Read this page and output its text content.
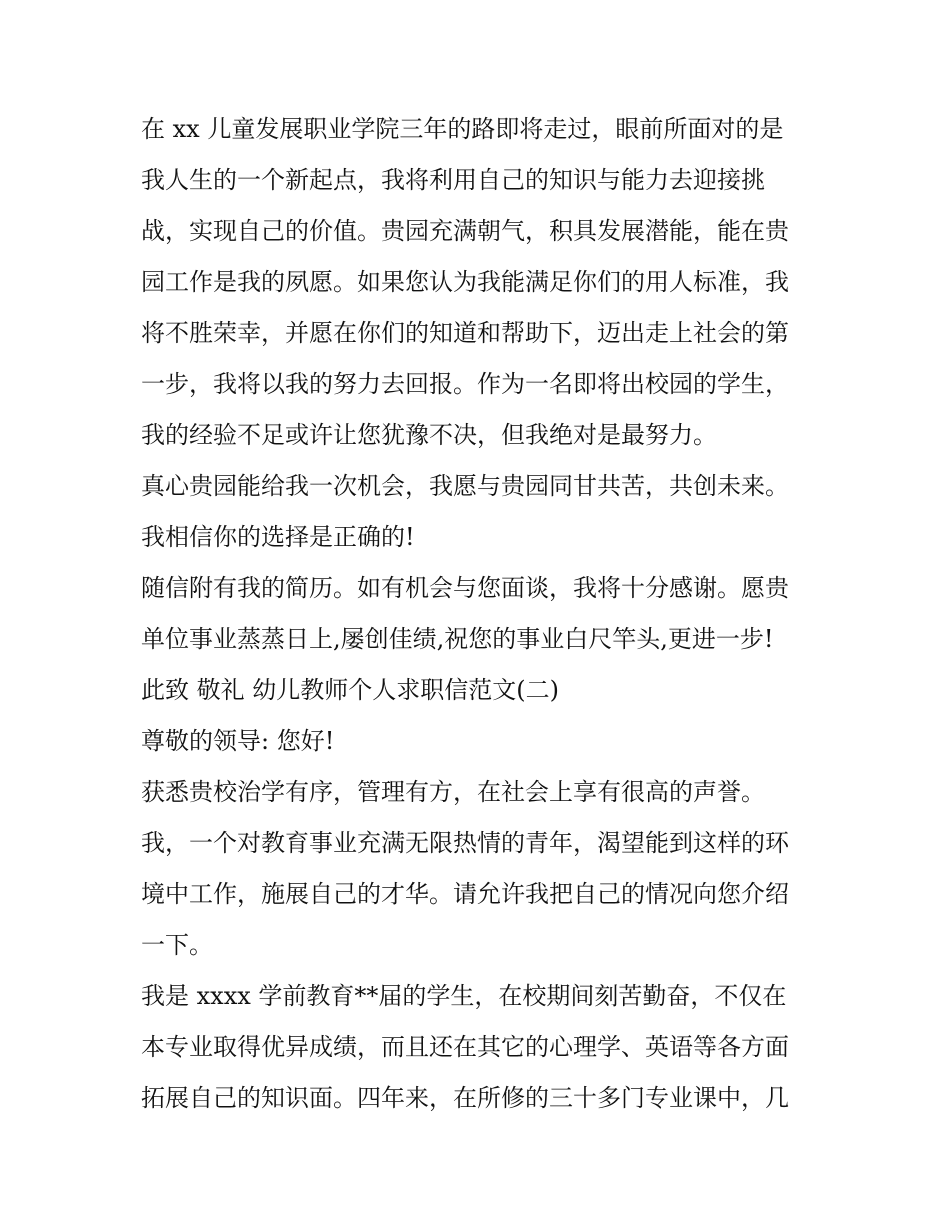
在 xx 儿童发展职业学院三年的路即将走过，眼前所面对的是
我人生的一个新起点，我将利用自己的知识与能力去迎接挑
战，实现自己的价值。贵园充满朝气，积具发展潜能，能在贵
园工作是我的夙愿。如果您认为我能满足你们的用人标准，我
将不胜荣幸，并愿在你们的知道和帮助下，迈出走上社会的第
一步，我将以我的努力去回报。作为一名即将出校园的学生，
我的经验不足或许让您犹豫不决，但我绝对是最努力。
真心贵园能给我一次机会，我愿与贵园同甘共苦，共创未来。
我相信你的选择是正确的!
随信附有我的简历。如有机会与您面谈，我将十分感谢。愿贵
单位事业蒸蒸日上,屡创佳绩,祝您的事业白尺竿头,更进一步!
此致 敬礼 幼儿教师个人求职信范文(二)
尊敬的领导: 您好!
获悉贵校治学有序，管理有方，在社会上享有很高的声誉。
我，一个对教育事业充满无限热情的青年，渴望能到这样的环
境中工作，施展自己的才华。请允许我把自己的情况向您介绍
一下。
我是 xxxx 学前教育**届的学生，在校期间刻苦勤奋，不仅在
本专业取得优异成绩，而且还在其它的心理学、英语等各方面
拓展自己的知识面。四年来，在所修的三十多门专业课中，几
